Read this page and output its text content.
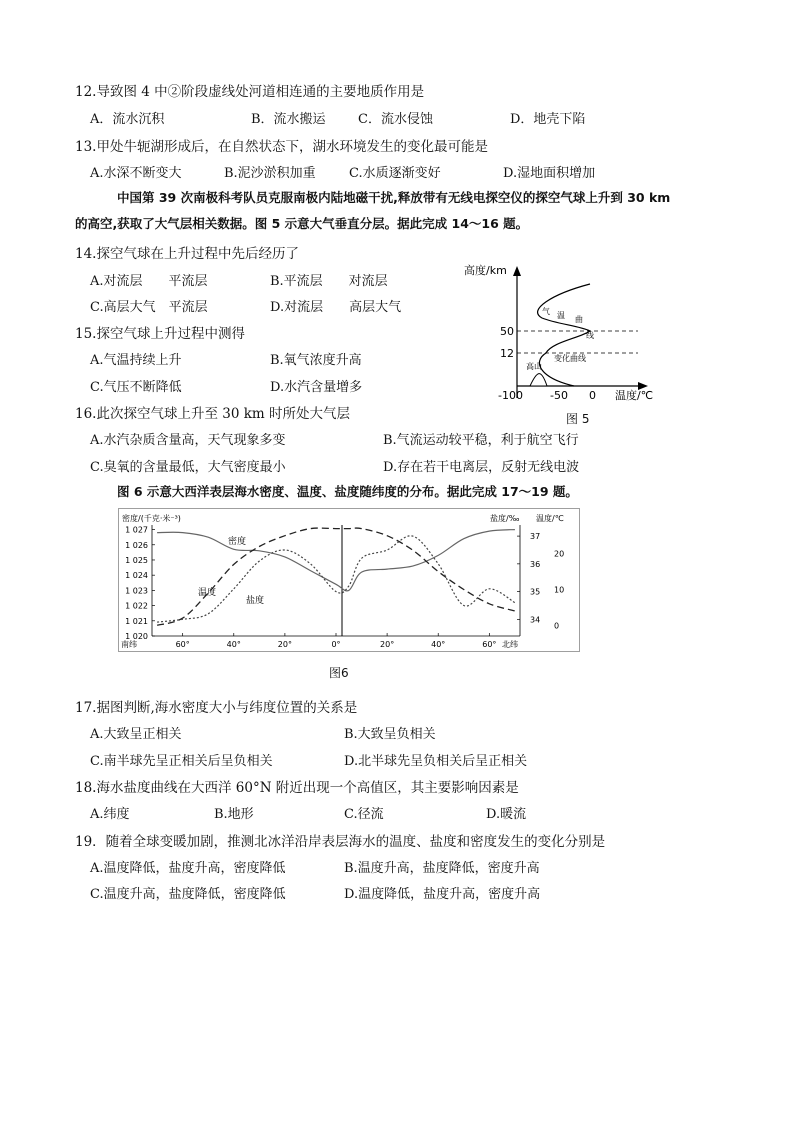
12.导致图 4 中②阶段虚线处河道相连通的主要地质作用是
A．流水沉积	B．流水搬运 C．流水侵蚀	D．地壳下陷
13.甲处牛轭湖形成后，在自然状态下，湖水环境发生的变化最可能是
A.水深不断变大	B.泥沙淤积加重	C.水质逐渐变好	D.湿地面积增加
中国第 39 次南极科考队员克服南极内陆地磁干扰,释放带有无线电探空仪的探空气球上升到 30 km
的高空,获取了大气层相关数据。图 5 示意大气垂直分层。据此完成 14～16 题。
14.探空气球在上升过程中先后经历了
A.对流层　　平流层	B.平流层　　对流层
C.高层大气　平流层	D.对流层　　高层大气
15.探空气球上升过程中测得
A.气温持续上升	B.氧气浓度升高
C.气压不断降低	D.水汽含量增多
高度/km
50
12
-100 -50 0 温度/℃
气 温 曲
线
变化曲线
高山
图 5
16.此次探空气球上升至 30 km 时所处大气层
A.水汽杂质含量高，天气现象多变	B.气流运动较平稳，利于航空飞行
C.臭氧的含量最低，大气密度最小	D.存在若干电离层，反射无线电波
图 6 示意大西洋表层海水密度、温度、盐度随纬度的分布。据此完成 17～19 题。
密度/(千克·米⁻³)	盐度/‰ 温度/℃
1 027
1 026
1 025
1 024
1 023
1 022
1 021
1 020
37
36
35
34
20
10
0
南纬	60°	40°	20°	0°	20°	40°	60° 北纬
密度
温度
盐度
图6
17.据图判断,海水密度大小与纬度位置的关系是
A.大致呈正相关	B.大致呈负相关
C.南半球先呈正相关后呈负相关	D.北半球先呈负相关后呈正相关
18.海水盐度曲线在大西洋 60°N 附近出现一个高值区，其主要影响因素是
A.纬度	B.地形	C.径流	D.暖流
19．随着全球变暖加剧，推测北冰洋沿岸表层海水的温度、盐度和密度发生的变化分别是
A.温度降低，盐度升高，密度降低	B.温度升高，盐度降低，密度升高
C.温度升高，盐度降低，密度降低	D.温度降低，盐度升高，密度升高
